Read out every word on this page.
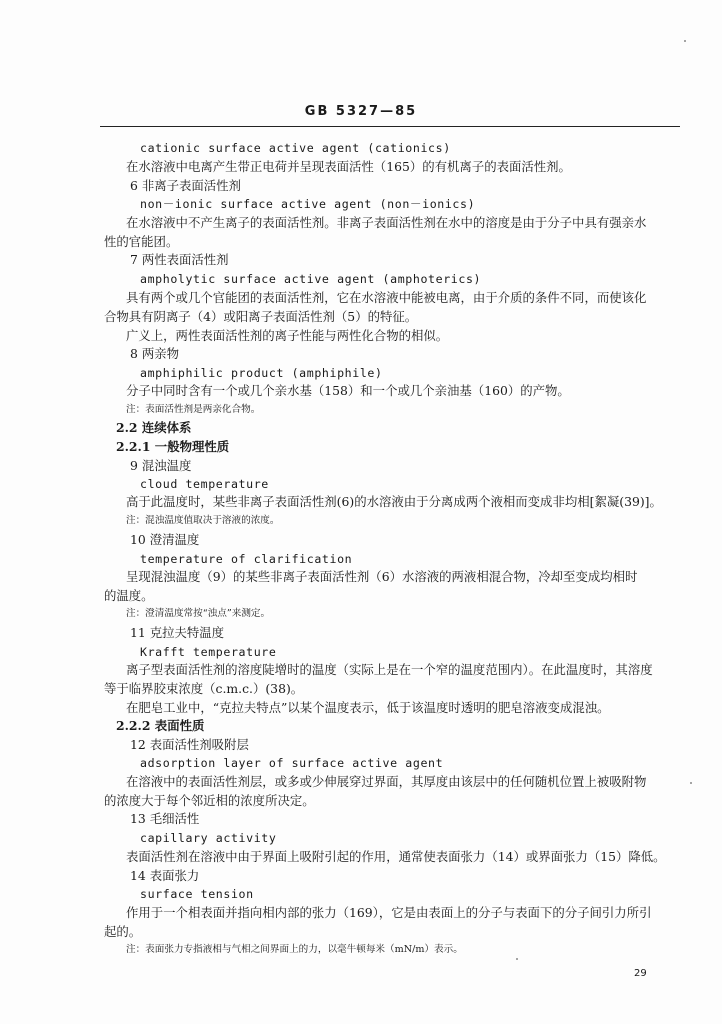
GB 5327—85
cationic surface active agent (cationics)
在水溶液中电离产生带正电荷并呈现表面活性（165）的有机离子的表面活性剂。
6 非离子表面活性剂
non－ionic surface active agent (non－ionics)
在水溶液中不产生离子的表面活性剂。非离子表面活性剂在水中的溶度是由于分子中具有强亲水
性的官能团。
7 两性表面活性剂
ampholytic surface active agent (amphoterics)
具有两个或几个官能团的表面活性剂，它在水溶液中能被电离，由于介质的条件不同，而使该化
合物具有阴离子（4）或阳离子表面活性剂（5）的特征。
广义上，两性表面活性剂的离子性能与两性化合物的相似。
8 两亲物
amphiphilic product (amphiphile)
分子中同时含有一个或几个亲水基（158）和一个或几个亲油基（160）的产物。
注：表面活性剂是两亲化合物。
2.2 连续体系
2.2.1 一般物理性质
9 混浊温度
cloud temperature
高于此温度时，某些非离子表面活性剂(6)的水溶液由于分离成两个液相而变成非均相[絮凝(39)]。
注：混浊温度值取决于溶液的浓度。
10 澄清温度
temperature of clarification
呈现混浊温度（9）的某些非离子表面活性剂（6）水溶液的两液相混合物，冷却至变成均相时
的温度。
注：澄清温度常按“浊点”来测定。
11 克拉夫特温度
Krafft temperature
离子型表面活性剂的溶度陡增时的温度（实际上是在一个窄的温度范围内）。在此温度时，其溶度
等于临界胶束浓度（c.m.c.）(38)。
在肥皂工业中，“克拉夫特点”以某个温度表示，低于该温度时透明的肥皂溶液变成混浊。
2.2.2 表面性质
12 表面活性剂吸附层
adsorption layer of surface active agent
在溶液中的表面活性剂层，或多或少伸展穿过界面，其厚度由该层中的任何随机位置上被吸附物
的浓度大于每个邻近相的浓度所决定。
13 毛细活性
capillary activity
表面活性剂在溶液中由于界面上吸附引起的作用，通常使表面张力（14）或界面张力（15）降低。
14 表面张力
surface tension
作用于一个相表面并指向相内部的张力（169），它是由表面上的分子与表面下的分子间引力所引
起的。
注：表面张力专指液相与气相之间界面上的力，以毫牛顿每米（mN/m）表示。
29
